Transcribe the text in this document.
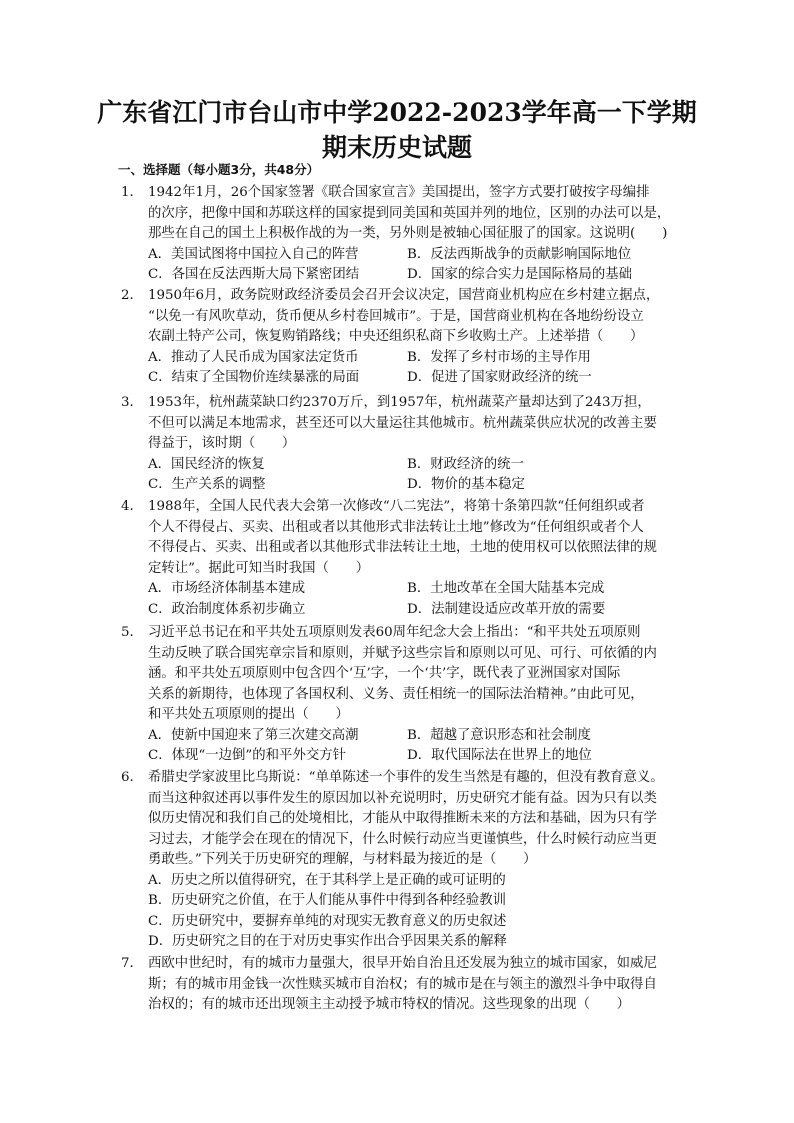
广东省江门市台山市中学2022-2023学年高一下学期
期末历史试题
一、选择题（每小题3分，共48分）
1． 1942年1月，26个国家签署《联合国家宣言》美国提出，签字方式要打破按字母编排
的次序，把像中国和苏联这样的国家提到同美国和英国并列的地位，区别的办法可以是，
那些在自己的国土上积极作战的为一类，另外则是被轴心国征服了的国家。这说明(　　)
A．美国试图将中国拉入自己的阵营	B．反法西斯战争的贡献影响国际地位
C．各国在反法西斯大局下紧密团结	D．国家的综合实力是国际格局的基础
2． 1950年6月，政务院财政经济委员会召开会议决定，国营商业机构应在乡村建立据点，
“以免一有风吹草动，货币便从乡村卷回城市”。于是，国营商业机构在各地纷纷设立
农副土特产公司，恢复购销路线；中央还组织私商下乡收购土产。上述举措（　　）
A．推动了人民币成为国家法定货币	B．发挥了乡村市场的主导作用
C．结束了全国物价连续暴涨的局面	D．促进了国家财政经济的统一
3． 1953年，杭州蔬菜缺口约2370万斤，到1957年，杭州蔬菜产量却达到了243万担，
不但可以满足本地需求，甚至还可以大量运往其他城市。杭州蔬菜供应状况的改善主要
得益于，该时期（　　）
A．国民经济的恢复	B．财政经济的统一
C．生产关系的调整	D．物价的基本稳定
4． 1988年，全国人民代表大会第一次修改“八二宪法”，将第十条第四款“任何组织或者
个人不得侵占、买卖、出租或者以其他形式非法转让土地”修改为“任何组织或者个人
不得侵占、买卖、出租或者以其他形式非法转让土地，土地的使用权可以依照法律的规
定转让”。据此可知当时我国（　　）
A．市场经济体制基本建成	B．土地改革在全国大陆基本完成
C．政治制度体系初步确立	D．法制建设适应改革开放的需要
5． 习近平总书记在和平共处五项原则发表60周年纪念大会上指出：“和平共处五项原则
生动反映了联合国宪章宗旨和原则，并赋予这些宗旨和原则以可见、可行、可依循的内
涵。和平共处五项原则中包含四个‘互’字，一个‘共’字，既代表了亚洲国家对国际
关系的新期待，也体现了各国权利、义务、责任相统一的国际法治精神。”由此可见，
和平共处五项原则的提出（　　）
A．使新中国迎来了第三次建交高潮	B．超越了意识形态和社会制度
C．体现“一边倒”的和平外交方针	D．取代国际法在世界上的地位
6． 希腊史学家波里比乌斯说：“单单陈述一个事件的发生当然是有趣的，但没有教育意义。
而当这种叙述再以事件发生的原因加以补充说明时，历史研究才能有益。因为只有以类
似历史情况和我们自己的处境相比，才能从中取得推断未来的方法和基础，因为只有学
习过去，才能学会在现在的情况下，什么时候行动应当更谨慎些，什么时候行动应当更
勇敢些。”下列关于历史研究的理解，与材料最为接近的是（　　）
A．历史之所以值得研究，在于其科学上是正确的或可证明的
B．历史研究之价值，在于人们能从事件中得到各种经验教训
C．历史研究中，要摒弃单纯的对现实无教育意义的历史叙述
D．历史研究之目的在于对历史事实作出合乎因果关系的解释
7． 西欧中世纪时，有的城市力量强大，很早开始自治且还发展为独立的城市国家，如威尼
斯；有的城市用金钱一次性赎买城市自治权；有的城市是在与领主的激烈斗争中取得自
治权的；有的城市还出现领主主动授予城市特权的情况。这些现象的出现（　　）
